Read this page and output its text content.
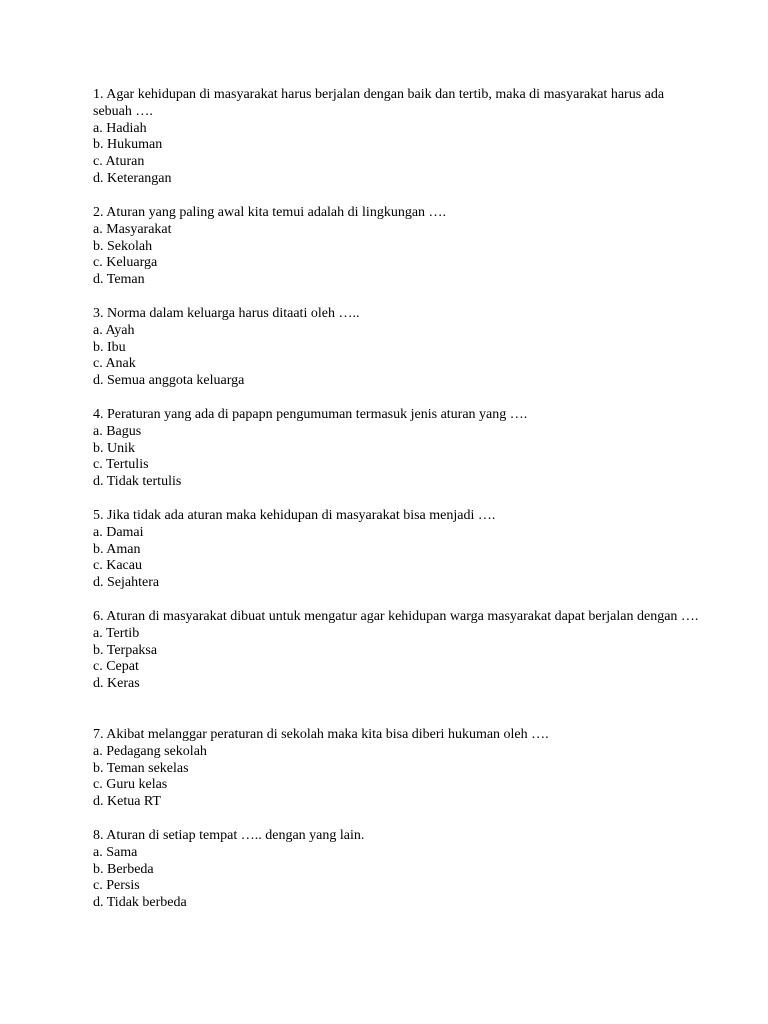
1. Agar kehidupan di masyarakat harus berjalan dengan baik dan tertib, maka di masyarakat harus ada sebuah ….

a. Hadiah
b. Hukuman
c. Aturan
d. Keterangan

2. Aturan yang paling awal kita temui adalah di lingkungan ….

a. Masyarakat
b. Sekolah
c. Keluarga
d. Teman

3. Norma dalam keluarga harus ditaati oleh …..

a. Ayah
b. Ibu
c. Anak
d. Semua anggota keluarga

4. Peraturan yang ada di papapn pengumuman termasuk jenis aturan yang ….

a. Bagus
b. Unik
c. Tertulis
d. Tidak tertulis

5. Jika tidak ada aturan maka kehidupan di masyarakat bisa menjadi ….

a. Damai
b. Aman
c. Kacau
d. Sejahtera

6. Aturan di masyarakat dibuat untuk mengatur agar kehidupan warga masyarakat dapat berjalan dengan ….

a. Tertib
b. Terpaksa
c. Cepat
d. Keras

7. Akibat melanggar peraturan di sekolah maka kita bisa diberi hukuman oleh ….

a. Pedagang sekolah
b. Teman sekelas
c. Guru kelas
d. Ketua RT

8. Aturan di setiap tempat ….. dengan yang lain.

a. Sama
b. Berbeda
c. Persis
d. Tidak berbeda
